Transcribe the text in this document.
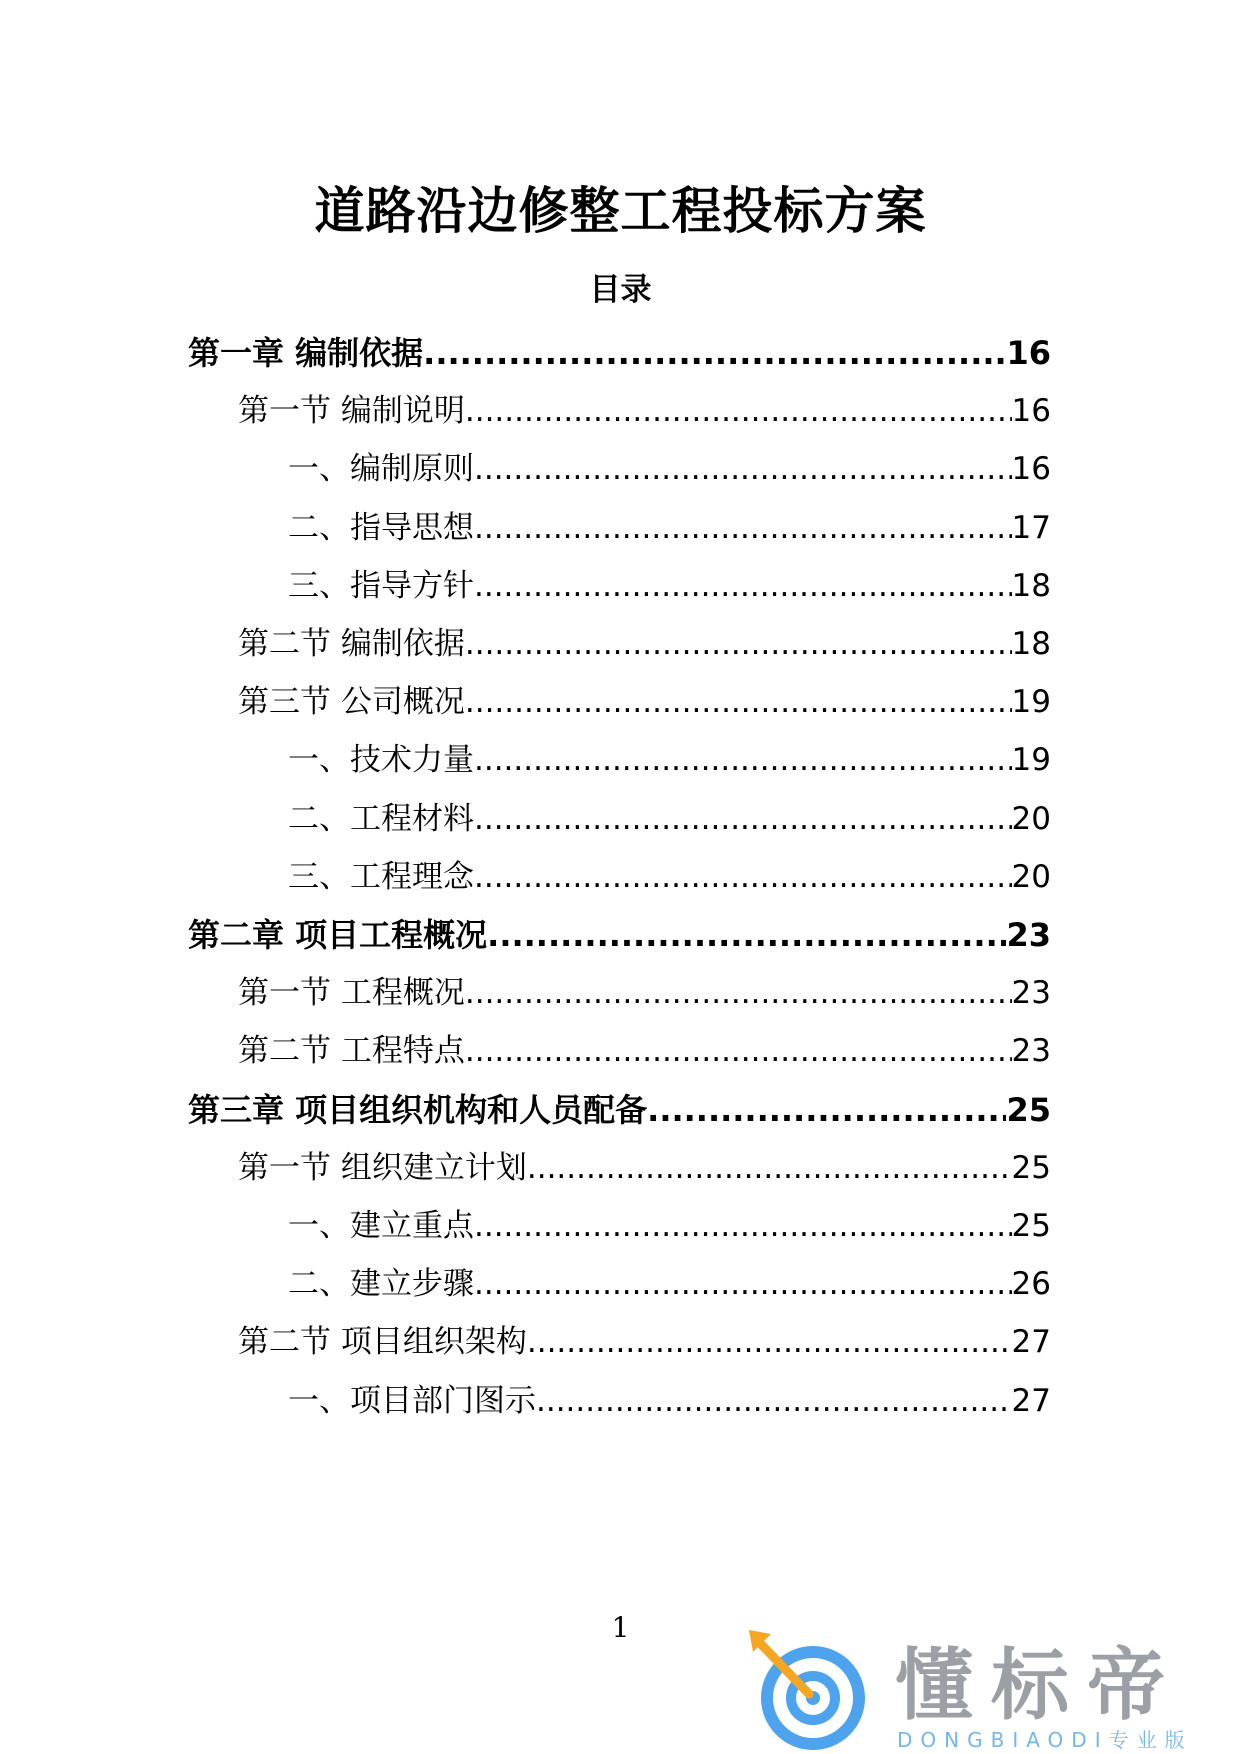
道路沿边修整工程投标方案
目录
第一章 编制依据 .....	16
第一节 编制说明 .....	16
一、编制原则 .....	16
二、指导思想 .....	17
三、指导方针 .....	18
第二节 编制依据 .....	18
第三节 公司概况 .....	19
一、技术力量 .....	19
二、工程材料 .....	20
三、工程理念 .....	20
第二章 项目工程概况 .....	23
第一节 工程概况 .....	23
第二节 工程特点 .....	23
第三章 项目组织机构和人员配备 .....	25
第一节 组织建立计划 .....	25
一、建立重点 .....	25
二、建立步骤 .....	26
第二节 项目组织架构 .....	27
一、项目部门图示 .....	27
1
懂标帝
DONGBIAODI专业版
